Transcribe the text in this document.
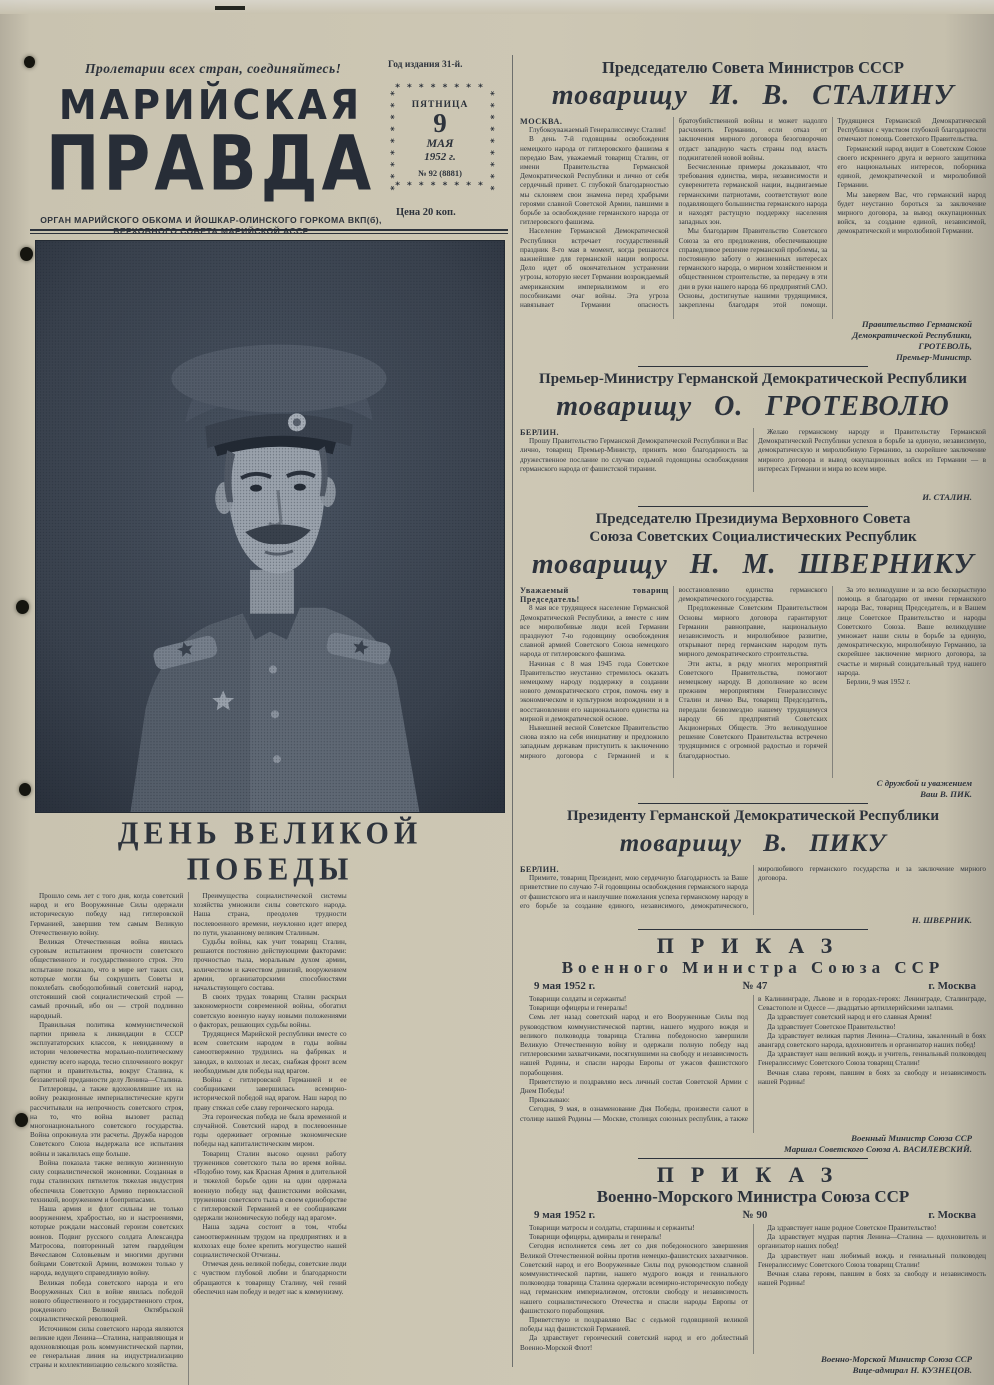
Пролетарии всех стран, соединяйтесь!	Год издания 31-й.
МАРИЙСКАЯ
ПРАВДА
ОРГАН МАРИЙСКОГО ОБКОМА И ЙОШКАР-ОЛИНСКОГО ГОРКОМА ВКП(б),
ВЕРХОВНОГО СОВЕТА МАРИЙСКОЙ АССР
* * * * * * * * *	* * * * * * * * *
* * * * * * * *
ПЯТНИЦА
9
МАЯ
1952 г.
№ 92 (8881)
* * * * * * * *
Цена 20 коп.
ДЕНЬ ВЕЛИКОЙ ПОБЕДЫ

Прошло семь лет с того дня, когда советский народ и его Вооруженные Силы одержали историческую победу над гитлеровской Германией, завершив тем самым Великую Отечественную войну.

Великая Отечественная война явилась суровым испытанием прочности советского общественного и государственного строя. Это испытание показало, что в мире нет таких сил, которые могли бы сокрушить Советы и поколебать свободолюбивый советский народ, отстоявший свой социалистический строй — самый прочный, ибо он — строй подлинно народный.

Правильная политика коммунистической партии привела к ликвидации в СССР эксплуататорских классов, к невиданному в истории человечества морально-политическому единству всего народа, тесно сплоченного вокруг партии и правительства, вокруг Сталина, к беззаветной преданности делу Ленина—Сталина.

Гитлеровцы, а также вдохновлявшие их на войну реакционные империалистические круги рассчитывали на непрочность советского строя, на то, что война вызовет распад многонационального советского государства. Война опрокинула эти расчеты. Дружба народов Советского Союза выдержала все испытания войны и закалилась еще больше.

Война показала также великую жизненную силу социалистической экономики. Созданная в годы сталинских пятилеток тяжелая индустрия обеспечила Советскую Армию первоклассной техникой, вооружением и боеприпасами.

Наша армия и флот сильны не только вооружением, храбростью, но и настроениями, которые рождали массовый героизм советских воинов. Подвиг русского солдата Александра Матросова, повторенный затем гвардейцем Вячеславом Соловьевым и многими другими бойцами Советской Армии, возможен только у народа, ведущего справедливую войну.

Великая победа советского народа и его Вооруженных Сил в войне явилась победой нового общественного и государственного строя, рожденного Великой Октябрьской социалистической революцией.

Источником силы советского народа являются великие идеи Ленина—Сталина, направляющая и вдохновляющая роль коммунистической партии, ее генеральная линия на индустриализацию страны и коллективизацию сельского хозяйства.

Преимущества социалистической системы хозяйства умножили силы советского народа. Наша страна, преодолев трудности послевоенного времени, неуклонно идет вперед по пути, указанному великим Сталиным.

Судьбы войны, как учит товарищ Сталин, решаются постоянно действующими факторами: прочностью тыла, моральным духом армии, количеством и качеством дивизий, вооружением армии, организаторскими способностями начальствующего состава.

В своих трудах товарищ Сталин раскрыл закономерности современной войны, обогатил советскую военную науку новыми положениями о факторах, решающих судьбы войны.

Трудящиеся Марийской республики вместе со всем советским народом в годы войны самоотверженно трудились на фабриках и заводах, в колхозах и лесах, снабжая фронт всем необходимым для победы над врагом.

Война с гитлеровской Германией и ее сообщниками завершилась всемирно-исторической победой над врагом. Наш народ по праву стяжал себе славу героического народа.

Эта героическая победа не была временной и случайной. Советский народ в послевоенные годы одерживает огромные экономические победы над капиталистическим миром.

Товарищ Сталин высоко оценил работу тружеников советского тыла во время войны. «Подобно тому, как Красная Армия в длительной и тяжелой борьбе один на один одержала военную победу над фашистскими войсками, труженики советского тыла в своем единоборстве с гитлеровской Германией и ее сообщниками одержали экономическую победу над врагом».

Наша задача состоит в том, чтобы самоотверженным трудом на предприятиях и в колхозах еще более крепить могущество нашей социалистической Отчизны.

Отмечая день великой победы, советские люди с чувством глубокой любви и благодарности обращаются к товарищу Сталину, чей гений обеспечил нам победу и ведет нас к коммунизму.

Председателю Совета Министров СССР
товарищу И. В. СТАЛИНУ

МОСКВА.

Глубокоуважаемый Генералиссимус Сталин!

В день 7-й годовщины освобождения немецкого народа от гитлеровского фашизма я передаю Вам, уважаемый товарищ Сталин, от имени Правительства Германской Демократической Республики и лично от себя сердечный привет. С глубокой благодарностью мы склоняем свои знамена перед храбрыми героями славной Советской Армии, павшими в борьбе за освобождение германского народа от гитлеровского фашизма.

Население Германской Демократической Республики встречает государственный праздник 8-го мая в момент, когда решаются важнейшие для германской нации вопросы. Дело идет об окончательном устранении угрозы, которую несет Германии возрождаемый американским империализмом и его пособниками очаг войны. Эта угроза навязывает Германии опасность братоубийственной войны и может надолго расчленить Германию, если отказ от заключения мирного договора безоговорочно отдаст западную часть страны под власть поджигателей новой войны.

Бесчисленные примеры доказывают, что требования единства, мира, независимости и суверенитета германской нации, выдвигаемые германскими патриотами, соответствуют воле подавляющего большинства германского народа и находят растущую поддержку населения западных зон.

Мы благодарим Правительство Советского Союза за его предложения, обеспечивающие справедливое решение германской проблемы, за постоянную заботу о жизненных интересах германского народа, о мирном хозяйственном и общественном строительстве, за передачу в эти дни в руки нашего народа 66 предприятий САО. Основы, достигнутые нашими трудящимися, закреплены благодаря этой помощи. Трудящиеся Германской Демократической Республики с чувством глубокой благодарности отмечают помощь Советского Правительства.

Германский народ видит в Советском Союзе своего искреннего друга и верного защитника его национальных интересов, поборника единой, демократической и миролюбивой Германии.

Мы заверяем Вас, что германский народ будет неустанно бороться за заключение мирного договора, за вывод оккупационных войск, за создание единой, независимой, демократической и миролюбивой Германии.

Правительство Германской

Демократической Республики,

ГРОТЕВОЛЬ,

Премьер-Министр.

Премьер-Министру Германской Демократической Республики
товарищу О. ГРОТЕВОЛЮ

БЕРЛИН.

Прошу Правительство Германской Демократической Республики и Вас лично, товарищ Премьер-Министр, принять мою благодарность за дружественное послание по случаю седьмой годовщины освобождения германского народа от фашистской тирании.

Желаю германскому народу и Правительству Германской Демократической Республики успехов в борьбе за единую, независимую, демократическую и миролюбивую Германию, за скорейшее заключение мирного договора и вывод оккупационных войск из Германии — в интересах Германии и мира во всем мире.

И. СТАЛИН.

Председателю Президиума Верховного Совета
Союза Советских Социалистических Республик
товарищу Н. М. ШВЕРНИКУ

Уважаемый товарищ Председатель!

8 мая все трудящееся население Германской Демократической Республики, а вместе с ним все миролюбивые люди всей Германии празднуют 7-ю годовщину освобождения славной армией Советского Союза немецкого народа от гитлеровского фашизма.

Начиная с 8 мая 1945 года Советское Правительство неустанно стремилось оказать немецкому народу поддержку в создании нового демократического строя, помочь ему в экономическом и культурном возрождении и в восстановлении его национального единства на мирной и демократической основе.

Нынешней весной Советское Правительство снова взяло на себя инициативу и предложило западным державам приступить к заключению мирного договора с Германией и к восстановлению единства германского демократического государства.

Предложенные Советским Правительством Основы мирного договора гарантируют Германии равноправие, национальную независимость и миролюбивое развитие, открывают перед германским народом путь мирного демократического строительства.

Эти акты, в ряду многих мероприятий Советского Правительства, помогают немецкому народу. В дополнение ко всем прежним мероприятиям Генералиссимус Сталин и лично Вы, товарищ Председатель, передали безвозмездно нашему трудящемуся народу 66 предприятий Советских Акционерных Обществ. Это великодушное решение Советского Правительства встречено трудящимися с огромной радостью и горячей благодарностью.

За это великодушие и за всю бескорыстную помощь я благодарю от имени германского народа Вас, товарищ Председатель, и в Вашем лице Советское Правительство и народы Советского Союза. Ваше великодушие умножает наши силы в борьбе за единую, демократическую, миролюбивую Германию, за скорейшее заключение мирного договора, за счастье и мирный созидательный труд нашего народа.

Берлин, 9 мая 1952 г.

С дружбой и уважением

Ваш В. ПИК.

Президенту Германской Демократической Республики
товарищу В. ПИКУ

БЕРЛИН.

Примите, товарищ Президент, мою сердечную благодарность за Ваше приветствие по случаю 7-й годовщины освобождения германского народа от фашистского ига и наилучшие пожелания успеха германскому народу в его борьбе за создание единого, независимого, демократического, миролюбивого германского государства и за заключение мирного договора.

Н. ШВЕРНИК.

ПРИКАЗ
Военного Министра Союза ССР
9 мая 1952 г.	№ 47	г. Москва

Товарищи солдаты и сержанты!

Товарищи офицеры и генералы!

Семь лет назад советский народ и его Вооруженные Силы под руководством коммунистической партии, нашего мудрого вождя и великого полководца товарища Сталина победоносно завершили Великую Отечественную войну и одержали полную победу над гитлеровскими захватчиками, посягнувшими на свободу и независимость нашей Родины, и спасли народы Европы от ужасов фашистского порабощения.

Приветствую и поздравляю весь личный состав Советской Армии с Днем Победы!

Приказываю:

Сегодня, 9 мая, в ознаменование Дня Победы, произвести салют в столице нашей Родины — Москве, столицах союзных республик, а также в Калининграде, Львове и в городах-героях: Ленинграде, Сталинграде, Севастополе и Одессе — двадцатью артиллерийскими залпами.

Да здравствует советский народ и его славная Армия!

Да здравствует Советское Правительство!

Да здравствует великая партия Ленина—Сталина, закаленный в боях авангард советского народа, вдохновитель и организатор наших побед!

Да здравствует наш великий вождь и учитель, гениальный полководец Генералиссимус Советского Союза товарищ Сталин!

Вечная слава героям, павшим в боях за свободу и независимость нашей Родины!

Военный Министр Союза ССР

Маршал Советского Союза А. ВАСИЛЕВСКИЙ.

ПРИКАЗ
Военно-Морского Министра Союза ССР
9 мая 1952 г.	№ 90	г. Москва

Товарищи матросы и солдаты, старшины и сержанты!

Товарищи офицеры, адмиралы и генералы!

Сегодня исполняется семь лет со дня победоносного завершения Великой Отечественной войны против немецко-фашистских захватчиков. Советский народ и его Вооруженные Силы под руководством славной коммунистической партии, нашего мудрого вождя и гениального полководца товарища Сталина одержали всемирно-историческую победу над германским империализмом, отстояли свободу и независимость нашего социалистического Отечества и спасли народы Европы от фашистского порабощения.

Приветствую и поздравляю Вас с седьмой годовщиной великой победы над фашистской Германией.

Да здравствует героический советский народ и его доблестный Военно-Морской Флот!

Да здравствует наше родное Советское Правительство!

Да здравствует мудрая партия Ленина—Сталина — вдохновитель и организатор наших побед!

Да здравствует наш любимый вождь и гениальный полководец Генералиссимус Советского Союза товарищ Сталин!

Вечная слава героям, павшим в боях за свободу и независимость нашей Родины!

Военно-Морской Министр Союза ССР

Вице-адмирал Н. КУЗНЕЦОВ.
